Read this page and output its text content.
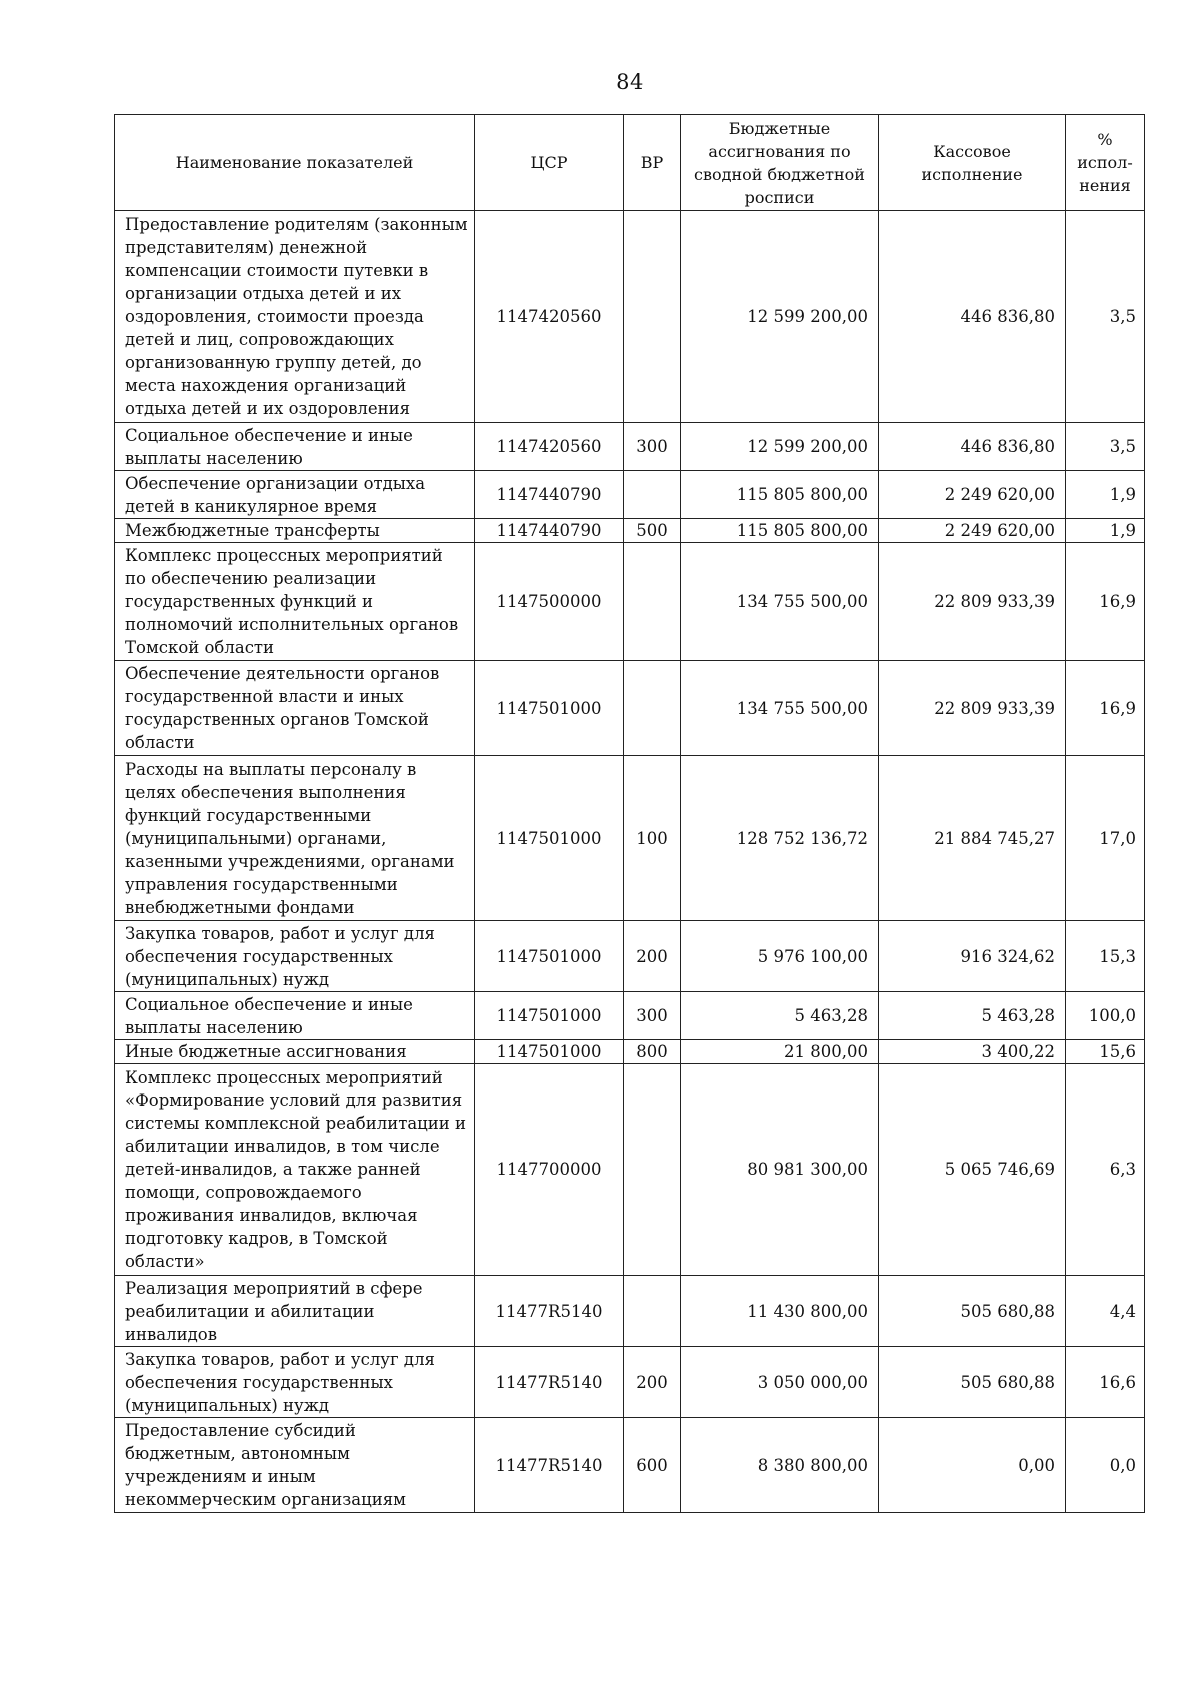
84
Наименование показателей	ЦСР	ВР	Бюджетные ассигнования по сводной бюджетной росписи	Кассовое исполнение	% испол-нения
Предоставление родителям (законным представителям) денежной компенсации стоимости путевки в организации отдыха детей и их оздоровления, стоимости проезда детей и лиц, сопровождающих организованную группу детей, до места нахождения организаций отдыха детей и их оздоровления	1147420560		12 599 200,00	446 836,80	3,5
Социальное обеспечение и иные выплаты населению	1147420560	300	12 599 200,00	446 836,80	3,5
Обеспечение организации отдыха детей в каникулярное время	1147440790		115 805 800,00	2 249 620,00	1,9
Межбюджетные трансферты	1147440790	500	115 805 800,00	2 249 620,00	1,9
Комплекс процессных мероприятий по обеспечению реализации государственных функций и полномочий исполнительных органов Томской области	1147500000		134 755 500,00	22 809 933,39	16,9
Обеспечение деятельности органов государственной власти и иных государственных органов Томской области	1147501000		134 755 500,00	22 809 933,39	16,9
Расходы на выплаты персоналу в целях обеспечения выполнения функций государственными (муниципальными) органами, казенными учреждениями, органами управления государственными внебюджетными фондами	1147501000	100	128 752 136,72	21 884 745,27	17,0
Закупка товаров, работ и услуг для обеспечения государственных (муниципальных) нужд	1147501000	200	5 976 100,00	916 324,62	15,3
Социальное обеспечение и иные выплаты населению	1147501000	300	5 463,28	5 463,28	100,0
Иные бюджетные ассигнования	1147501000	800	21 800,00	3 400,22	15,6
Комплекс процессных мероприятий «Формирование условий для развития системы комплексной реабилитации и абилитации инвалидов, в том числе детей-инвалидов, а также ранней помощи, сопровождаемого проживания инвалидов, включая подготовку кадров, в Томской области»	1147700000		80 981 300,00	5 065 746,69	6,3
Реализация мероприятий в сфере реабилитации и абилитации инвалидов	11477R5140		11 430 800,00	505 680,88	4,4
Закупка товаров, работ и услуг для обеспечения государственных (муниципальных) нужд	11477R5140	200	3 050 000,00	505 680,88	16,6
Предоставление субсидий бюджетным, автономным учреждениям и иным некоммерческим организациям	11477R5140	600	8 380 800,00	0,00	0,0
